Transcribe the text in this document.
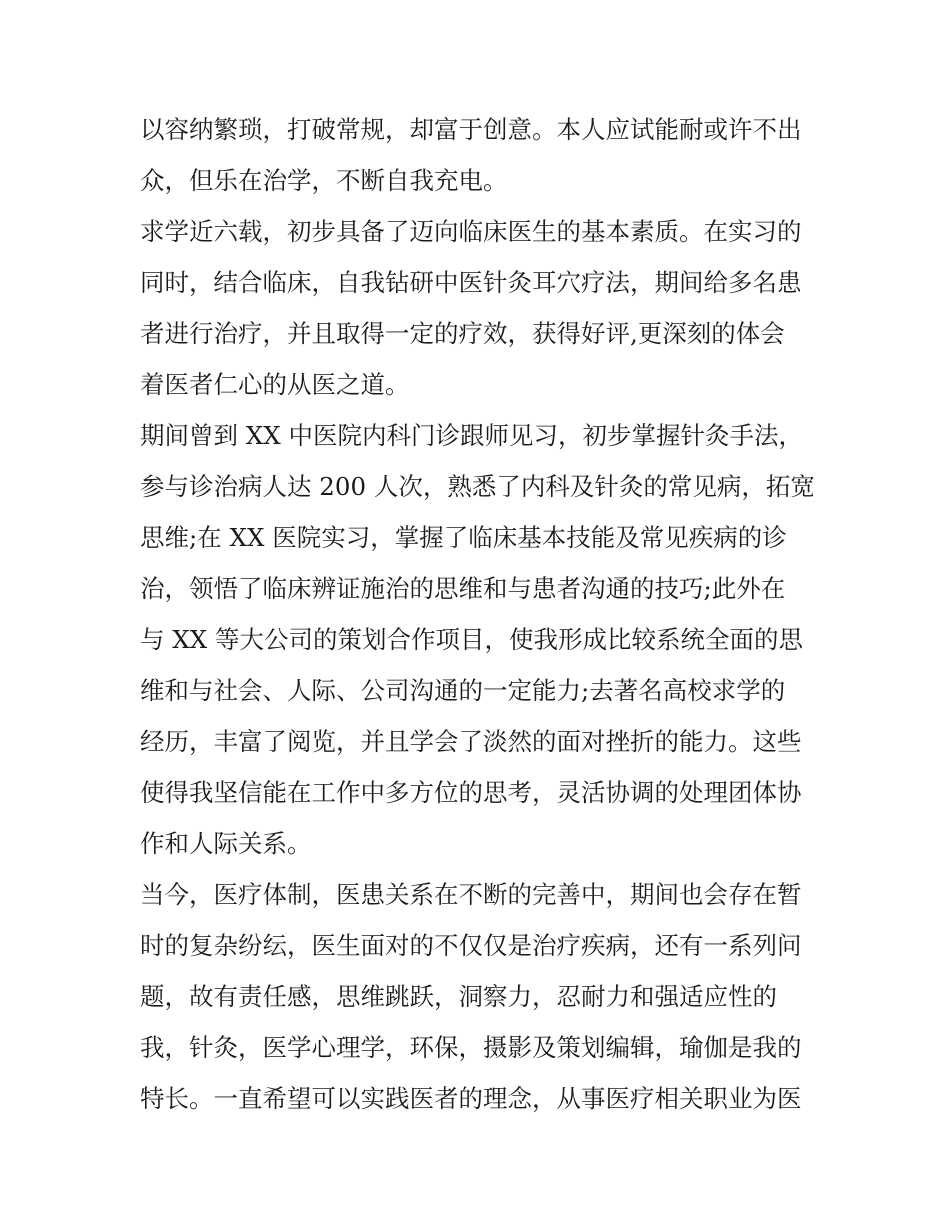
以容纳繁琐，打破常规，却富于创意。本人应试能耐或许不出
众，但乐在治学，不断自我充电。
求学近六载，初步具备了迈向临床医生的基本素质。在实习的
同时，结合临床，自我钻研中医针灸耳穴疗法，期间给多名患
者进行治疗，并且取得一定的疗效，获得好评,更深刻的体会
着医者仁心的从医之道。
期间曾到 XX 中医院内科门诊跟师见习，初步掌握针灸手法，
参与诊治病人达 200 人次，熟悉了内科及针灸的常见病，拓宽
思维;在 XX 医院实习，掌握了临床基本技能及常见疾病的诊
治，领悟了临床辨证施治的思维和与患者沟通的技巧;此外在
与 XX 等大公司的策划合作项目，使我形成比较系统全面的思
维和与社会、人际、公司沟通的一定能力;去著名高校求学的
经历，丰富了阅览，并且学会了淡然的面对挫折的能力。这些
使得我坚信能在工作中多方位的思考，灵活协调的处理团体协
作和人际关系。
当今，医疗体制，医患关系在不断的完善中，期间也会存在暂
时的复杂纷纭，医生面对的不仅仅是治疗疾病，还有一系列问
题，故有责任感，思维跳跃，洞察力，忍耐力和强适应性的
我，针灸，医学心理学，环保，摄影及策划编辑，瑜伽是我的
特长。一直希望可以实践医者的理念，从事医疗相关职业为医
